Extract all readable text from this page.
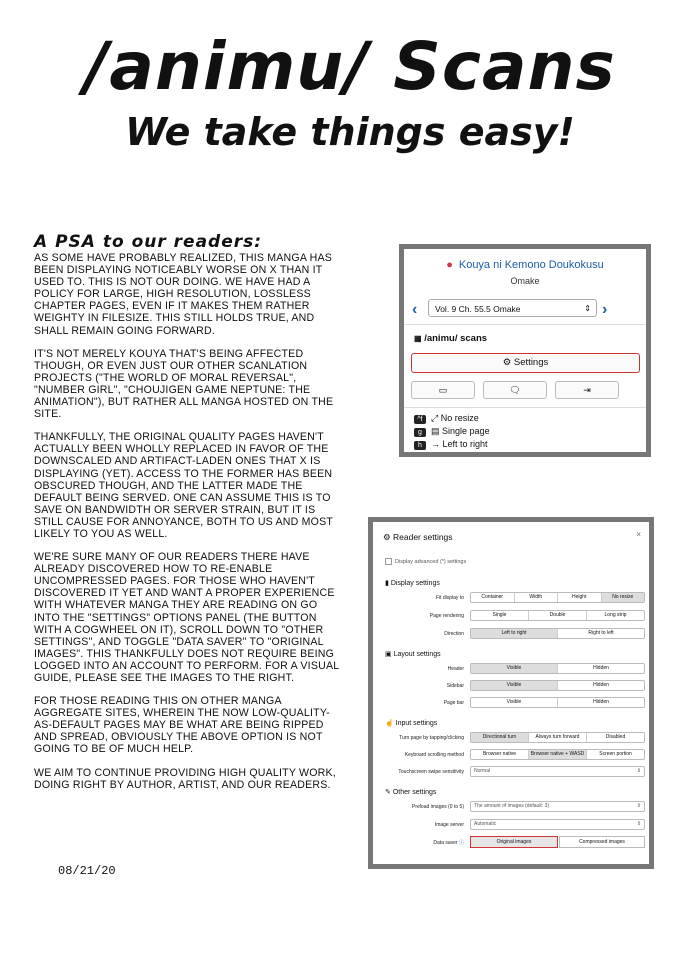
/animu/ Scans
We take things easy!
A PSA to our readers:

AS SOME HAVE PROBABLY REALIZED, THIS MANGA HAS BEEN DISPLAYING NOTICEABLY WORSE ON X THAN IT USED TO. THIS IS NOT OUR DOING. WE HAVE HAD A POLICY FOR LARGE, HIGH RESOLUTION, LOSSLESS CHAPTER PAGES, EVEN IF IT MAKES THEM RATHER WEIGHTY IN FILESIZE. THIS STILL HOLDS TRUE, AND SHALL REMAIN GOING FORWARD.

IT'S NOT MERELY KOUYA THAT'S BEING AFFECTED THOUGH, OR EVEN JUST OUR OTHER SCANLATION PROJECTS ("THE WORLD OF MORAL REVERSAL", "NUMBER GIRL", "CHOUJIGEN GAME NEPTUNE: THE ANIMATION"), BUT RATHER ALL MANGA HOSTED ON THE SITE.

THANKFULLY, THE ORIGINAL QUALITY PAGES HAVEN'T ACTUALLY BEEN WHOLLY REPLACED IN FAVOR OF THE DOWNSCALED AND ARTIFACT-LADEN ONES THAT X IS DISPLAYING (YET). ACCESS TO THE FORMER HAS BEEN OBSCURED THOUGH, AND THE LATTER MADE THE DEFAULT BEING SERVED. ONE CAN ASSUME THIS IS TO SAVE ON BANDWIDTH OR SERVER STRAIN, BUT IT IS STILL CAUSE FOR ANNOYANCE, BOTH TO US AND MOST LIKELY TO YOU AS WELL.

WE'RE SURE MANY OF OUR READERS THERE HAVE ALREADY DISCOVERED HOW TO RE-ENABLE UNCOMPRESSED PAGES. FOR THOSE WHO HAVEN'T DISCOVERED IT YET AND WANT A PROPER EXPERIENCE WITH WHATEVER MANGA THEY ARE READING ON GO INTO THE "SETTINGS" OPTIONS PANEL (THE BUTTON WITH A COGWHEEL ON IT), SCROLL DOWN TO "OTHER SETTINGS", AND TOGGLE "DATA SAVER" TO "ORIGINAL IMAGES". THIS THANKFULLY DOES NOT REQUIRE BEING LOGGED INTO AN ACCOUNT TO PERFORM. FOR A VISUAL GUIDE, PLEASE SEE THE IMAGES TO THE RIGHT.

FOR THOSE READING THIS ON OTHER MANGA AGGREGATE SITES, WHEREIN THE NOW LOW-QUALITY-AS-DEFAULT PAGES MAY BE WHAT ARE BEING RIPPED AND SPREAD, OBVIOUSLY THE ABOVE OPTION IS NOT GOING TO BE OF MUCH HELP.

WE AIM TO CONTINUE PROVIDING HIGH QUALITY WORK, DOING RIGHT BY AUTHOR, ARTIST, AND OUR READERS.

08/21/20
● Kouya ni Kemono Doukokusu
Omake
‹	Vol. 9 Ch. 55.5 Omake	⇕ ›
▦ /animu/ scans
⚙ Settings
▭	🗨	⇥
^f ⤢ No resize
g ▤ Single page
h → Left to right
⚙ Reader settings	×
Display advanced (*) settings
▮ Display settings
Fit display to	Container	Width	Height	No resize
Page rendering	Single	Double	Long strip
Direction	Left to right	Right to left
▣ Layout settings
Header	Visible	Hidden
Sidebar	Visible	Hidden
Page bar	Visible	Hidden
☝ Input settings
Turn page by tapping/clicking	Directional turn	Always turn forward	Disabled
Keyboard scrolling method	Browser native	Browser native + WASD	Screen portion
Touchscreen swipe sensitivity	Normal	⇕
✎ Other settings
Preload images (0 to 5)	The amount of images (default: 3)	⇕
Image server	Automatic	⇕
Data saver ⓘ	Original images	Compressed images
